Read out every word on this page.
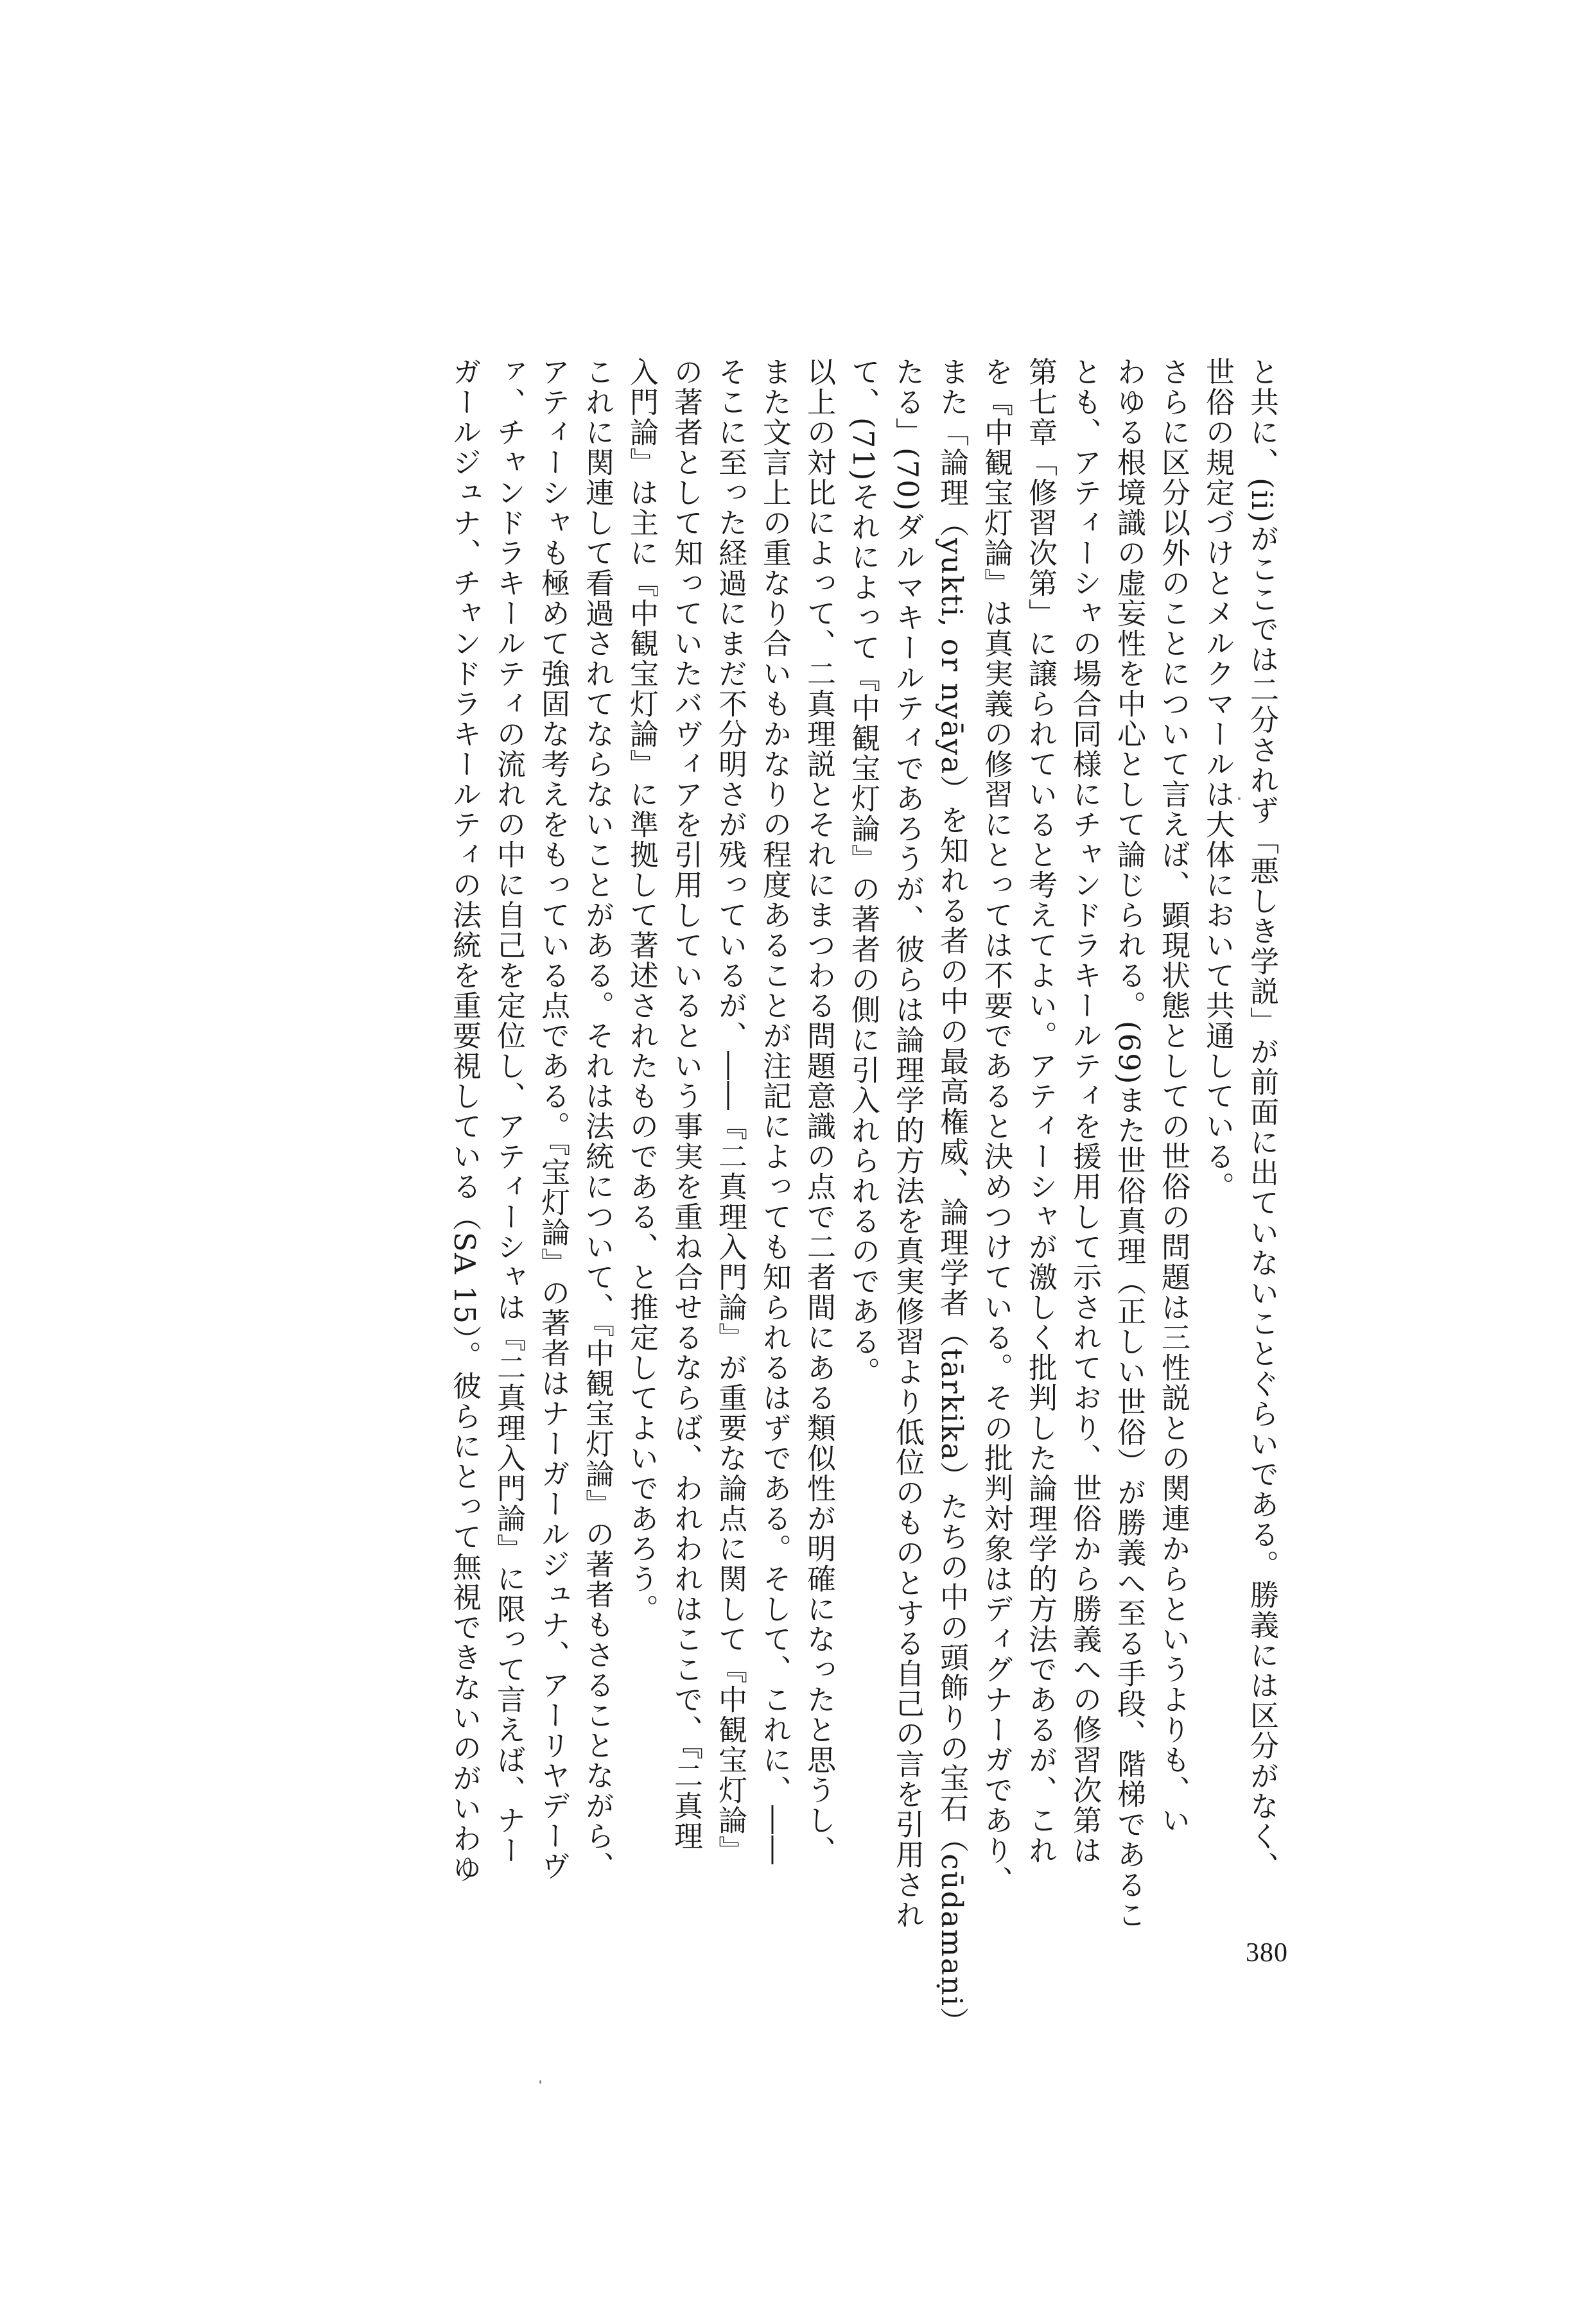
と共に、(ii)がここでは二分されず「悪しき学説」が前面に出ていないことぐらいである。勝義には区分がなく、
世俗の規定づけとメルクマールは大体において共通している。
さらに区分以外のことについて言えば、顕現状態としての世俗の問題は三性説との関連からというよりも、い
わゆる根境識の虚妄性を中心として論じられる。(69)また世俗真理（正しい世俗）が勝義へ至る手段、階梯であるこ
とも、アティーシャの場合同様にチャンドラキールティを援用して示されており、世俗から勝義への修習次第は
第七章「修習次第」に譲られていると考えてよい。アティーシャが激しく批判した論理学的方法であるが、これ
を『中観宝灯論』は真実義の修習にとっては不要であると決めつけている。その批判対象はディグナーガであり、
また「論理（yukti, or nyāya）を知れる者の中の最高権威、論理学者（tārkika）たちの中の頭飾りの宝石（cūdamaṇi）
たる」(70)ダルマキールティであろうが、彼らは論理学的方法を真実修習より低位のものとする自己の言を引用され
て、(71)それによって『中観宝灯論』の著者の側に引入れられるのである。
以上の対比によって、二真理説とそれにまつわる問題意識の点で二者間にある類似性が明確になったと思うし、
また文言上の重なり合いもかなりの程度あることが注記によっても知られるはずである。そして、これに、――
そこに至った経過にまだ不分明さが残っているが、――『二真理入門論』が重要な論点に関して『中観宝灯論』
の著者として知っていたバヴィアを引用しているという事実を重ね合せるならば、われわれはここで、『二真理
入門論』は主に『中観宝灯論』に準拠して著述されたものである、と推定してよいであろう。
これに関連して看過されてならないことがある。それは法統について、『中観宝灯論』の著者もさることながら、
アティーシャも極めて強固な考えをもっている点である。『宝灯論』の著者はナーガールジュナ、アーリヤデーヴ
ァ、チャンドラキールティの流れの中に自己を定位し、アティーシャは『二真理入門論』に限って言えば、ナー
ガールジュナ、チャンドラキールティの法統を重要視している（SA 15）。彼らにとって無視できないのがいわゆ
380
